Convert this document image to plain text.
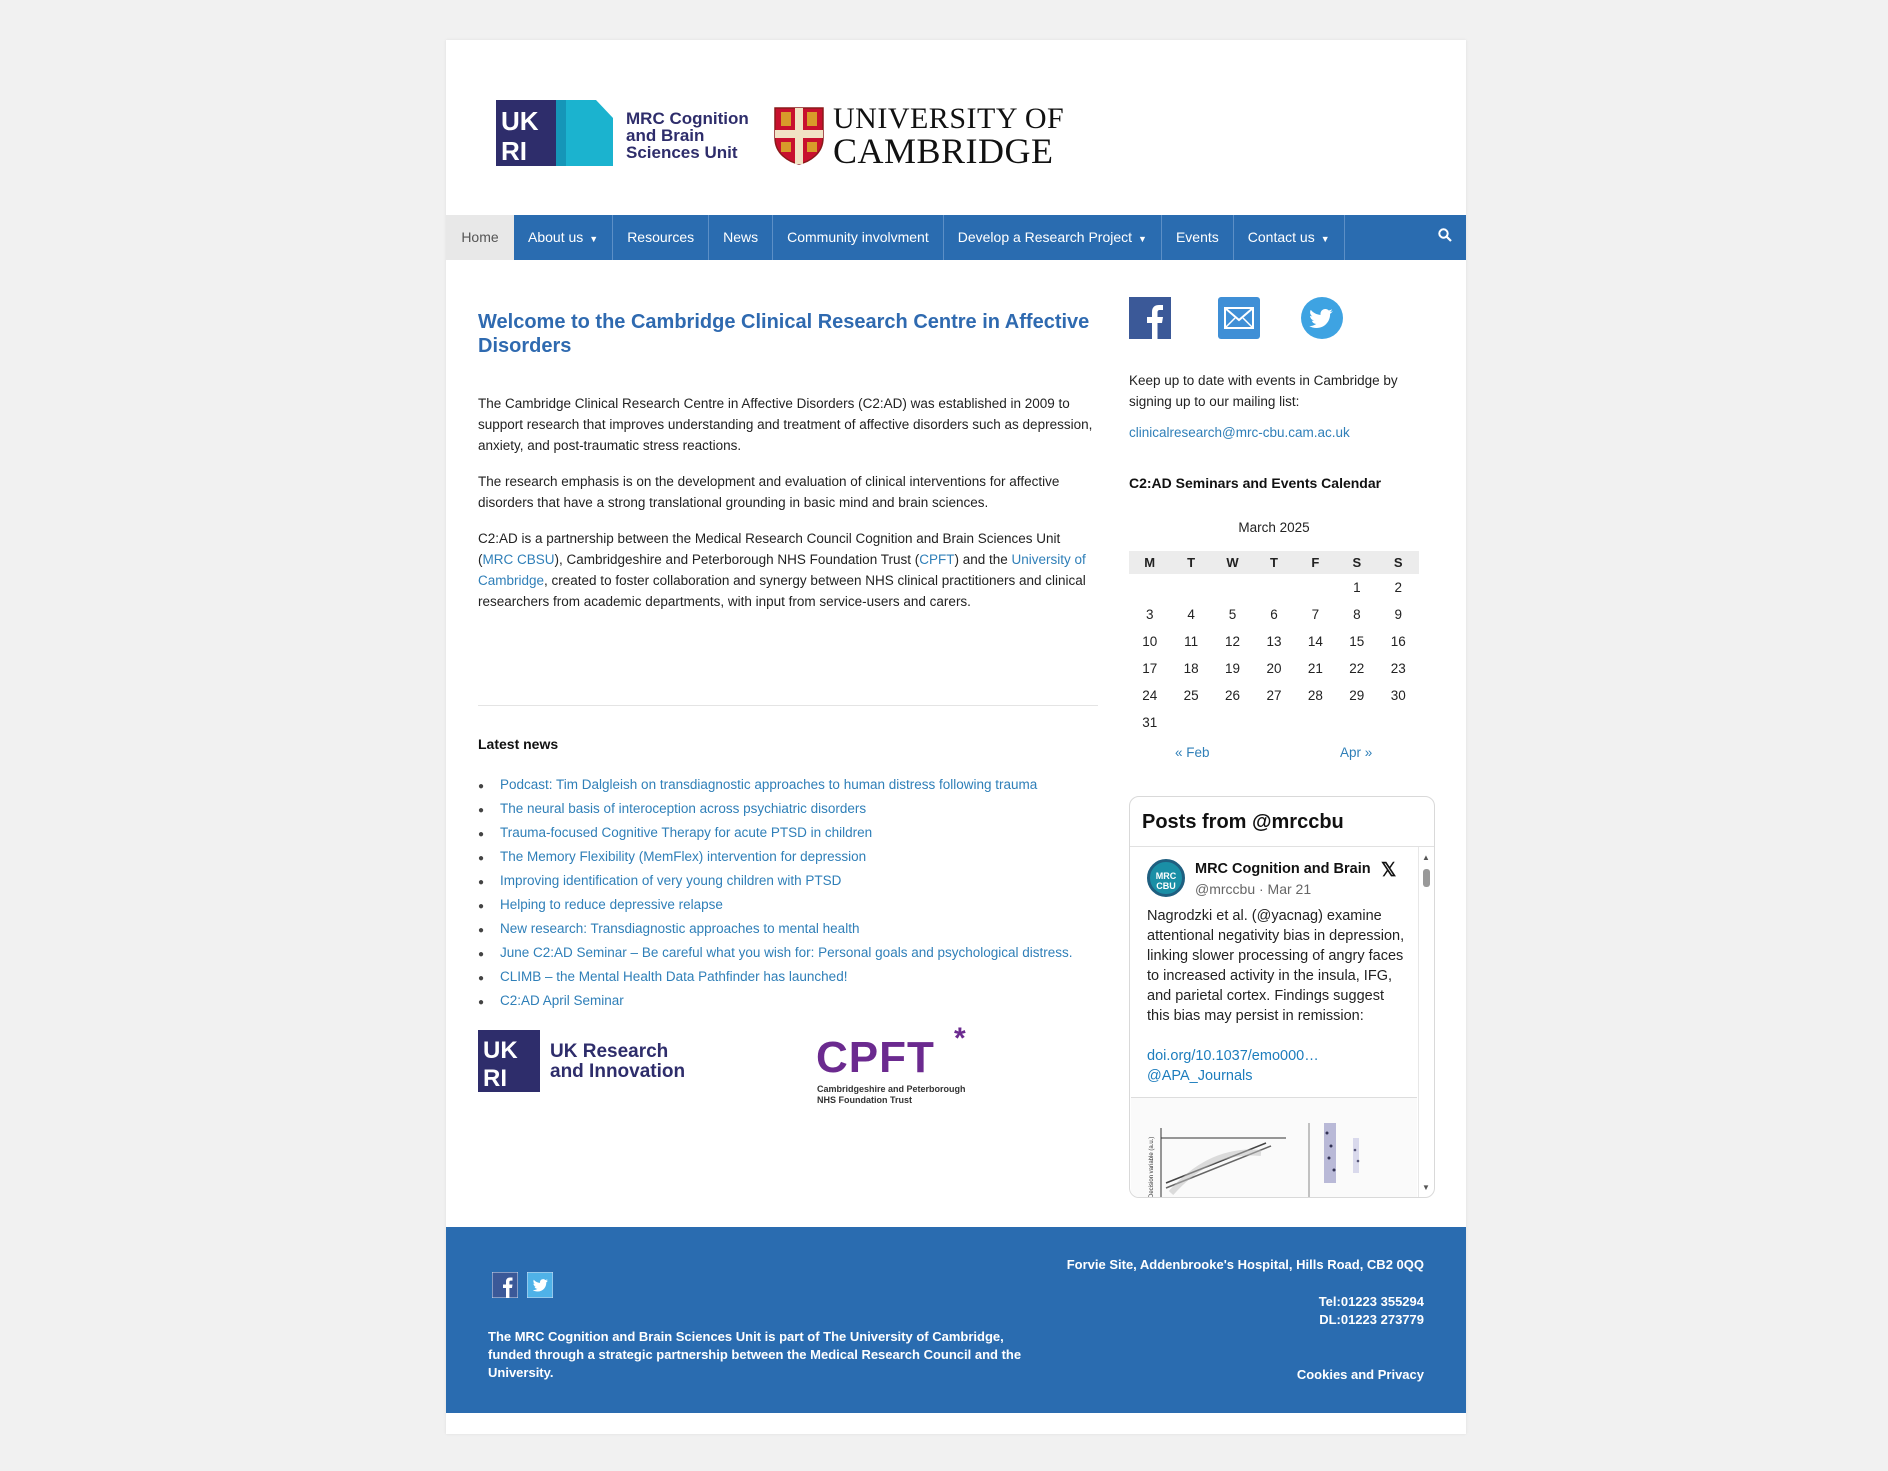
UK
RI
MRC Cognition
and Brain
Sciences Unit
UNIVERSITY OF
CAMBRIDGE
Home	About us ▼	Resources	News	Community involvment	Develop a Research Project ▼	Events	Contact us ▼
Welcome to the Cambridge Clinical Research Centre in Affective Disorders

The Cambridge Clinical Research Centre in Affective Disorders (C2:AD) was established in 2009 to support research that improves understanding and treatment of affective disorders such as depression, anxiety, and post-traumatic stress reactions.

The research emphasis is on the development and evaluation of clinical interventions for affective disorders that have a strong translational grounding in basic mind and brain sciences.

C2:AD is a partnership between the Medical Research Council Cognition and Brain Sciences Unit (MRC CBSU), Cambridgeshire and Peterborough NHS Foundation Trust (CPFT) and the University of Cambridge, created to foster collaboration and synergy between NHS clinical practitioners and clinical researchers from academic departments, with input from service-users and carers.

Latest news
● Podcast: Tim Dalgleish on transdiagnostic approaches to human distress following trauma
● The neural basis of interoception across psychiatric disorders
● Trauma-focused Cognitive Therapy for acute PTSD in children
● The Memory Flexibility (MemFlex) intervention for depression
● Improving identification of very young children with PTSD
● Helping to reduce depressive relapse
● New research: Transdiagnostic approaches to mental health
● June C2:AD Seminar – Be careful what you wish for: Personal goals and psychological distress.
● CLIMB – the Mental Health Data Pathfinder has launched!
● C2:AD April Seminar
UK
RI
UK Research
and Innovation	CPFT *
Cambridgeshire and Peterborough
NHS Foundation Trust

Keep up to date with events in Cambridge by signing up to our mailing list:

clinicalresearch@mrc-cbu.cam.ac.uk
C2:AD Seminars and Events Calendar
March 2025
M	T	W	T	F	S	S
					1	2
3	4	5	6	7	8	9
10	11	12	13	14	15	16
17	18	19	20	21	22	23
24	25	26	27	28	29	30
31						
« Feb	Apr »
Posts from @mrccbu
MRC CBU
MRC Cognition and Brain 𝕏
@mrccbu · Mar 21

Nagrodzki et al. (@yacnag) examine attentional negativity bias in depression, linking slower processing of angry faces to increased activity in the insula, IFG, and parietal cortex. Findings suggest this bias may persist in remission:

doi.org/10.1037/emo000…
@APA_Journals
Decision variable (a.u.)
▲
▼
Forvie Site, Addenbrooke's Hospital, Hills Road, CB2 0QQ
Tel:01223 355294
DL:01223 273779

The MRC Cognition and Brain Sciences Unit is part of The University of Cambridge, funded through a strategic partnership between the Medical Research Council and the University.	Cookies and Privacy
